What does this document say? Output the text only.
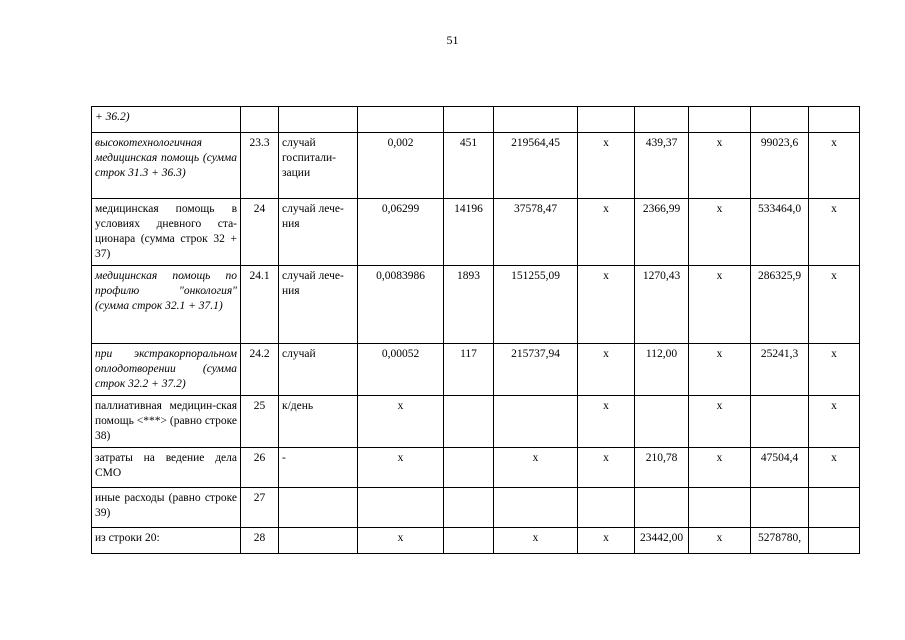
51
+ 36.2)										
высокотехнологичная медицинская помощь (сумма строк 31.3 + 36.3)	23.3	случай госпитали-зации	0,002	451	219564,45	х	439,37	х	99023,6	х
медицинская помощь в условиях дневного ста-ционара (сумма строк 32 + 37)	24	случай лече-ния	0,06299	14196	37578,47	х	2366,99	х	533464,0	х
медицинская помощь по профилю "онкология" (сумма строк 32.1 + 37.1)	24.1	случай лече-ния	0,0083986	1893	151255,09	х	1270,43	х	286325,9	х
при экстракорпоральном оплодотворении (сумма строк 32.2 + 37.2)	24.2	случай	0,00052	117	215737,94	х	112,00	х	25241,3	х
паллиативная медицин-ская помощь <***> (равно строке 38)	25	к/день	х			х		х		х
затраты на ведение дела СМО	26	-	х		х	х	210,78	х	47504,4	х
иные расходы (равно строке 39)	27									
из строки 20:	28		х		х	х	23442,00	х	5278780,	
